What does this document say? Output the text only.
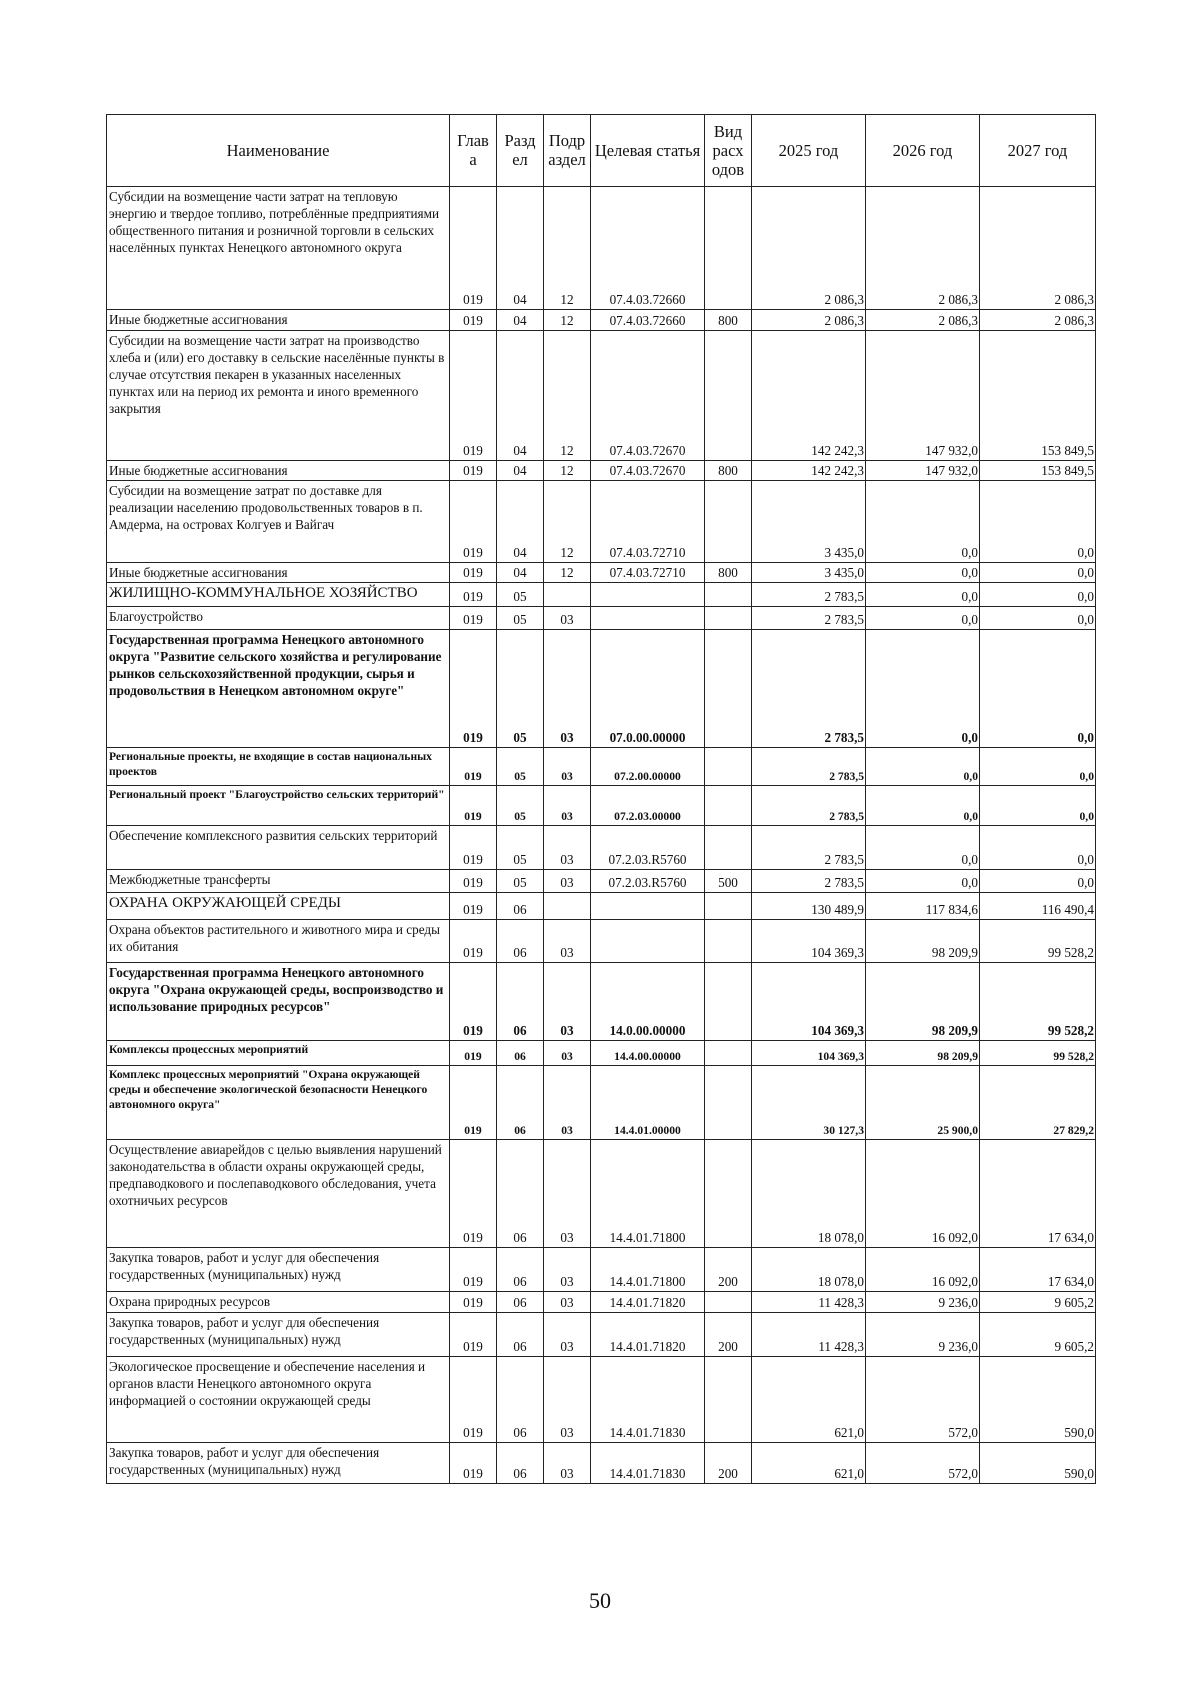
Наименование	Глав а	Разд ел	Подр аздел	Целевая статья	Вид расх одов	2025 год	2026 год	2027 год
Субсидии на возмещение части затрат на тепловую энергию и твердое топливо, потреблённые предприятиями общественного питания и розничной торговли в сельских населённых пунктах Ненецкого автономного округа	019	04	12	07.4.03.72660		2 086,3	2 086,3	2 086,3
Иные бюджетные ассигнования	019	04	12	07.4.03.72660	800	2 086,3	2 086,3	2 086,3
Субсидии на возмещение части затрат на производство хлеба и (или) его доставку в сельские населённые пункты в случае отсутствия пекарен в указанных населенных пунктах или на период их ремонта и иного временного закрытия	019	04	12	07.4.03.72670		142 242,3	147 932,0	153 849,5
Иные бюджетные ассигнования	019	04	12	07.4.03.72670	800	142 242,3	147 932,0	153 849,5
Субсидии на возмещение затрат по доставке для реализации населению продовольственных товаров в п. Амдерма, на островах Колгуев и Вайгач	019	04	12	07.4.03.72710		3 435,0	0,0	0,0
Иные бюджетные ассигнования	019	04	12	07.4.03.72710	800	3 435,0	0,0	0,0
ЖИЛИЩНО-КОММУНАЛЬНОЕ ХОЗЯЙСТВО	019	05				2 783,5	0,0	0,0
Благоустройство	019	05	03			2 783,5	0,0	0,0
Государственная программа Ненецкого автономного округа "Развитие сельского хозяйства и регулирование рынков сельскохозяйственной продукции, сырья и продовольствия в Ненецком автономном округе"	019	05	03	07.0.00.00000		2 783,5	0,0	0,0
Региональные проекты, не входящие в состав национальных проектов	019	05	03	07.2.00.00000		2 783,5	0,0	0,0
Региональный проект "Благоустройство сельских территорий"	019	05	03	07.2.03.00000		2 783,5	0,0	0,0
Обеспечение комплексного развития сельских территорий	019	05	03	07.2.03.R5760		2 783,5	0,0	0,0
Межбюджетные трансферты	019	05	03	07.2.03.R5760	500	2 783,5	0,0	0,0
ОХРАНА ОКРУЖАЮЩЕЙ СРЕДЫ	019	06				130 489,9	117 834,6	116 490,4
Охрана объектов растительного и животного мира и среды их обитания	019	06	03			104 369,3	98 209,9	99 528,2
Государственная программа Ненецкого автономного округа "Охрана окружающей среды, воспроизводство и использование природных ресурсов"	019	06	03	14.0.00.00000		104 369,3	98 209,9	99 528,2
Комплексы процессных мероприятий	019	06	03	14.4.00.00000		104 369,3	98 209,9	99 528,2
Комплекс процессных мероприятий "Охрана окружающей среды и обеспечение экологической безопасности Ненецкого автономного округа"	019	06	03	14.4.01.00000		30 127,3	25 900,0	27 829,2
Осуществление авиарейдов с целью выявления нарушений законодательства в области охраны окружающей среды, предпаводкового и послепаводкового обследования, учета охотничьих ресурсов	019	06	03	14.4.01.71800		18 078,0	16 092,0	17 634,0
Закупка товаров, работ и услуг для обеспечения государственных (муниципальных) нужд	019	06	03	14.4.01.71800	200	18 078,0	16 092,0	17 634,0
Охрана природных ресурсов	019	06	03	14.4.01.71820		11 428,3	9 236,0	9 605,2
Закупка товаров, работ и услуг для обеспечения государственных (муниципальных) нужд	019	06	03	14.4.01.71820	200	11 428,3	9 236,0	9 605,2
Экологическое просвещение и обеспечение населения и органов власти Ненецкого автономного округа информацией о состоянии окружающей среды	019	06	03	14.4.01.71830		621,0	572,0	590,0
Закупка товаров, работ и услуг для обеспечения государственных (муниципальных) нужд	019	06	03	14.4.01.71830	200	621,0	572,0	590,0
50
